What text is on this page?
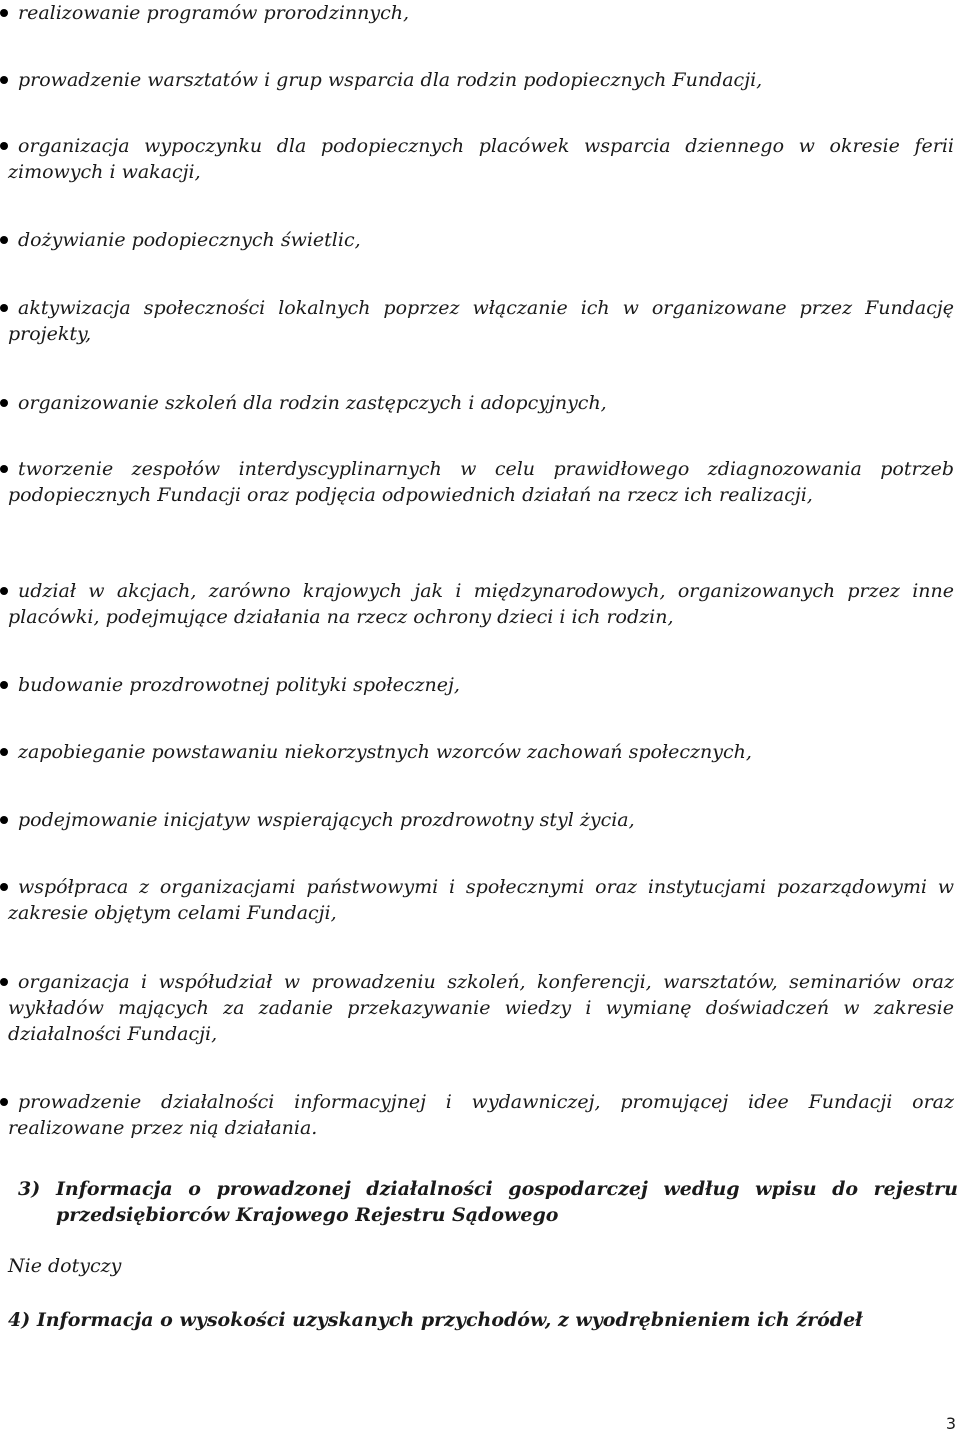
realizowanie programów prorodzinnych,
prowadzenie warsztatów i grup wsparcia dla rodzin podopiecznych Fundacji,
organizacja wypoczynku dla podopiecznych placówek wsparcia dziennego w okresie ferii zimowych i wakacji,
dożywianie podopiecznych świetlic,
aktywizacja społeczności lokalnych poprzez włączanie ich w organizowane przez Fundację projekty,
organizowanie szkoleń dla rodzin zastępczych i adopcyjnych,
tworzenie zespołów interdyscyplinarnych w celu prawidłowego zdiagnozowania potrzeb podopiecznych Fundacji oraz podjęcia odpowiednich działań na rzecz ich realizacji,
udział w akcjach, zarówno krajowych jak i międzynarodowych, organizowanych przez inne placówki, podejmujące działania na rzecz ochrony dzieci i ich rodzin,
budowanie prozdrowotnej polityki społecznej,
zapobieganie powstawaniu niekorzystnych wzorców zachowań społecznych,
podejmowanie inicjatyw wspierających prozdrowotny styl życia,
współpraca z organizacjami państwowymi i społecznymi oraz instytucjami pozarządowymi w zakresie objętym celami Fundacji,
organizacja i współudział w prowadzeniu szkoleń, konferencji, warsztatów, seminariów oraz wykładów mających za zadanie przekazywanie wiedzy i wymianę doświadczeń w zakresie działalności Fundacji,
prowadzenie działalności informacyjnej i wydawniczej, promującej idee Fundacji oraz realizowane przez nią działania.
3) Informacja o prowadzonej działalności gospodarczej według wpisu do rejestru przedsiębiorców Krajowego Rejestru Sądowego
Nie dotyczy
4) Informacja o wysokości uzyskanych przychodów, z wyodrębnieniem ich źródeł
3
